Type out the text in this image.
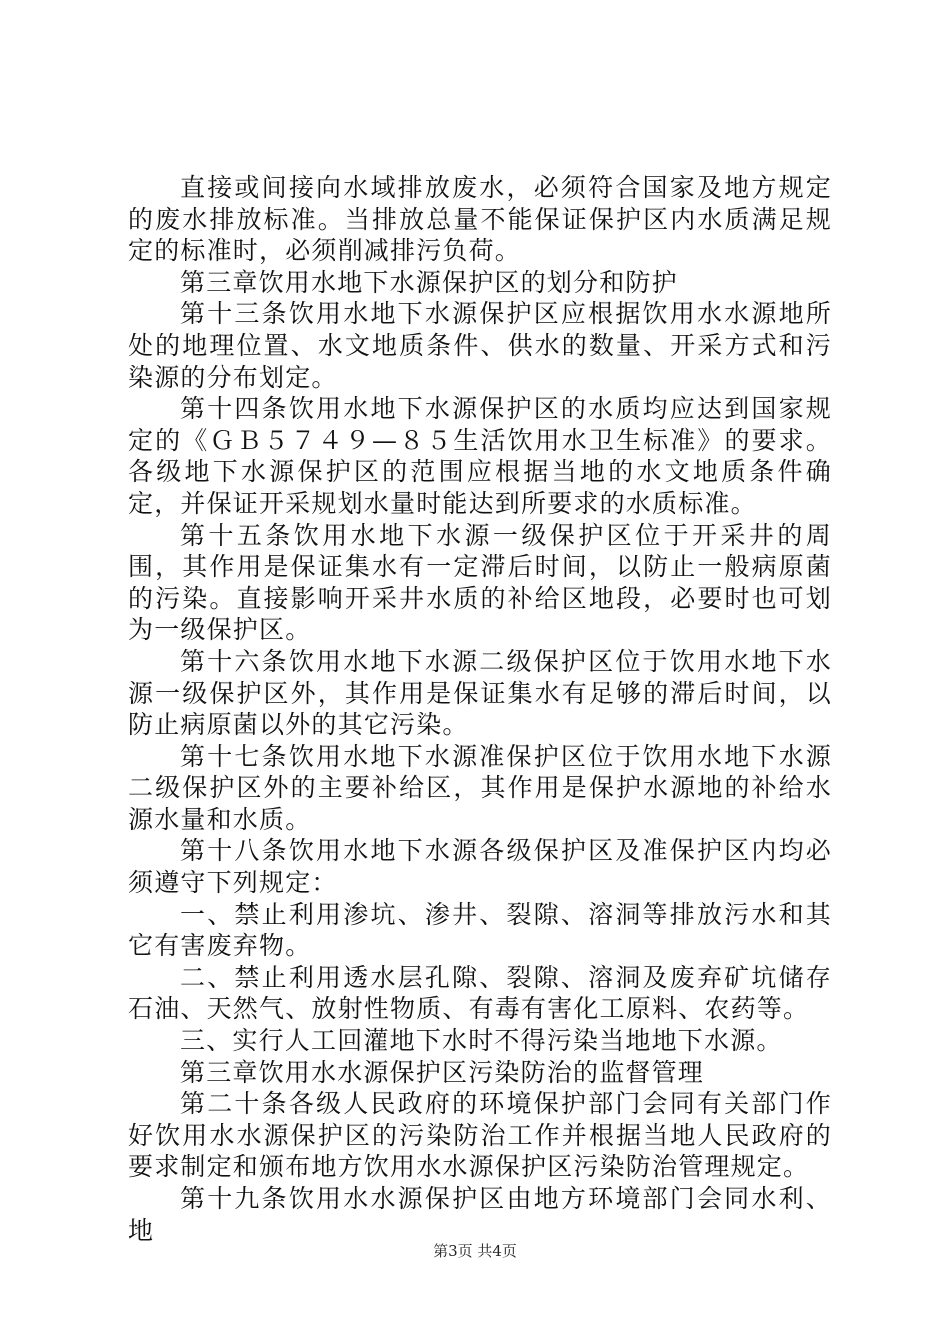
直接或间接向水域排放废水，必须符合国家及地方规定的废水排放标准。当排放总量不能保证保护区内水质满足规定的标准时，必须削减排污负荷。

第三章饮用水地下水源保护区的划分和防护

第十三条饮用水地下水源保护区应根据饮用水水源地所处的地理位置、水文地质条件、供水的数量、开采方式和污染源的分布划定。

第十四条饮用水地下水源保护区的水质均应达到国家规定的《ＧＢ５７４９—８５生活饮用水卫生标准》的要求。各级地下水源保护区的范围应根据当地的水文地质条件确定，并保证开采规划水量时能达到所要求的水质标准。

第十五条饮用水地下水源一级保护区位于开采井的周围，其作用是保证集水有一定滞后时间，以防止一般病原菌的污染。直接影响开采井水质的补给区地段，必要时也可划为一级保护区。

第十六条饮用水地下水源二级保护区位于饮用水地下水源一级保护区外，其作用是保证集水有足够的滞后时间，以防止病原菌以外的其它污染。

第十七条饮用水地下水源准保护区位于饮用水地下水源二级保护区外的主要补给区，其作用是保护水源地的补给水源水量和水质。

第十八条饮用水地下水源各级保护区及准保护区内均必须遵守下列规定：

一、禁止利用渗坑、渗井、裂隙、溶洞等排放污水和其它有害废弃物。

二、禁止利用透水层孔隙、裂隙、溶洞及废弃矿坑储存石油、天然气、放射性物质、有毒有害化工原料、农药等。

三、实行人工回灌地下水时不得污染当地地下水源。

第三章饮用水水源保护区污染防治的监督管理

第二十条各级人民政府的环境保护部门会同有关部门作好饮用水水源保护区的污染防治工作并根据当地人民政府的要求制定和颁布地方饮用水水源保护区污染防治管理规定。

第十九条饮用水水源保护区由地方环境部门会同水利、地

第3页 共4页
